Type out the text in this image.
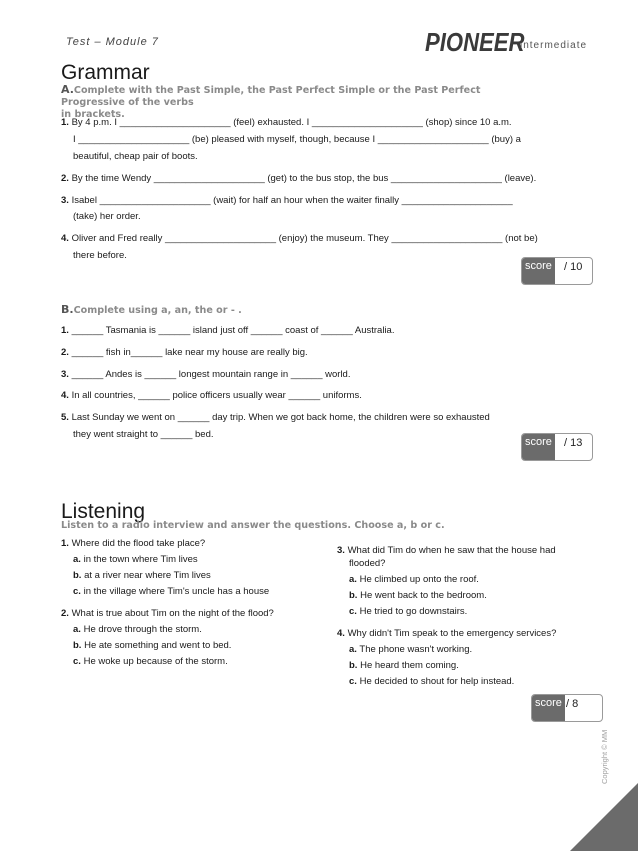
Test – Module 7	PIONEER
intermediate
Grammar
A.Complete with the Past Simple, the Past Perfect Simple or the Past Perfect Progressive of the verbs
in brackets.
1. By 4 p.m. I _____________________ (feel) exhausted. I _____________________ (shop) since 10 a.m.
I _____________________ (be) pleased with myself, though, because I _____________________ (buy) a
beautiful, cheap pair of boots.
2. By the time Wendy _____________________ (get) to the bus stop, the bus _____________________ (leave).
3. Isabel _____________________ (wait) for half an hour when the waiter finally _____________________
(take) her order.
4. Oliver and Fred really _____________________ (enjoy) the museum. They _____________________ (not be)
there before.
score / 10
B.Complete using a, an, the or - .
1. ______ Tasmania is ______ island just off ______ coast of ______ Australia.
2. ______ fish in______ lake near my house are really big.
3. ______ Andes is ______ longest mountain range in ______ world.
4. In all countries, ______ police officers usually wear ______ uniforms.
5. Last Sunday we went on ______ day trip. When we got back home, the children were so exhausted
they went straight to ______ bed.
score / 13
Listening
Listen to a radio interview and answer the questions. Choose a, b or c.
1. Where did the flood take place?
a. in the town where Tim lives
b. at a river near where Tim lives
c. in the village where Tim's uncle has a house
2. What is true about Tim on the night of the flood?
a. He drove through the storm.
b. He ate something and went to bed.
c. He woke up because of the storm.
3. What did Tim do when he saw that the house had
flooded?
a. He climbed up onto the roof.
b. He went back to the bedroom.
c. He tried to go downstairs.
4. Why didn't Tim speak to the emergency services?
a. The phone wasn't working.
b. He heard them coming.
c. He decided to shout for help instead.
score / 8
Copyright © MM
